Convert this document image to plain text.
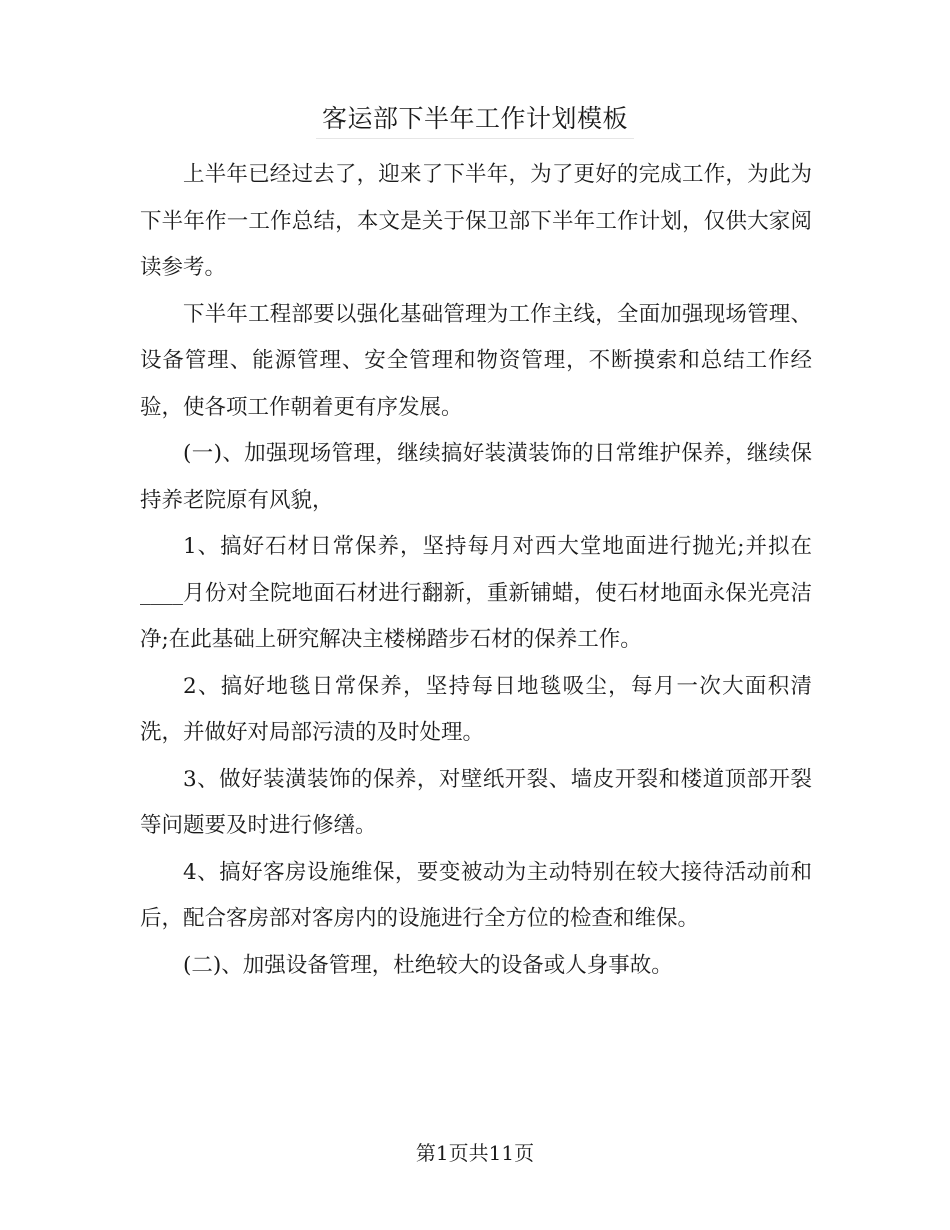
客运部下半年工作计划模板

上半年已经过去了，迎来了下半年，为了更好的完成工作，为此为下半年作一工作总结，本文是关于保卫部下半年工作计划，仅供大家阅读参考。

下半年工程部要以强化基础管理为工作主线，全面加强现场管理、设备管理、能源管理、安全管理和物资管理，不断摸索和总结工作经验，使各项工作朝着更有序发展。

(一)、加强现场管理，继续搞好装潢装饰的日常维护保养，继续保持养老院原有风貌，

1、搞好石材日常保养，坚持每月对西大堂地面进行抛光;并拟在____月份对全院地面石材进行翻新，重新铺蜡，使石材地面永保光亮洁净;在此基础上研究解决主楼梯踏步石材的保养工作。

2、搞好地毯日常保养，坚持每日地毯吸尘，每月一次大面积清洗，并做好对局部污渍的及时处理。

3、做好装潢装饰的保养，对壁纸开裂、墙皮开裂和楼道顶部开裂等问题要及时进行修缮。

4、搞好客房设施维保，要变被动为主动特别在较大接待活动前和后，配合客房部对客房内的设施进行全方位的检查和维保。

(二)、加强设备管理，杜绝较大的设备或人身事故。

第1页共11页
